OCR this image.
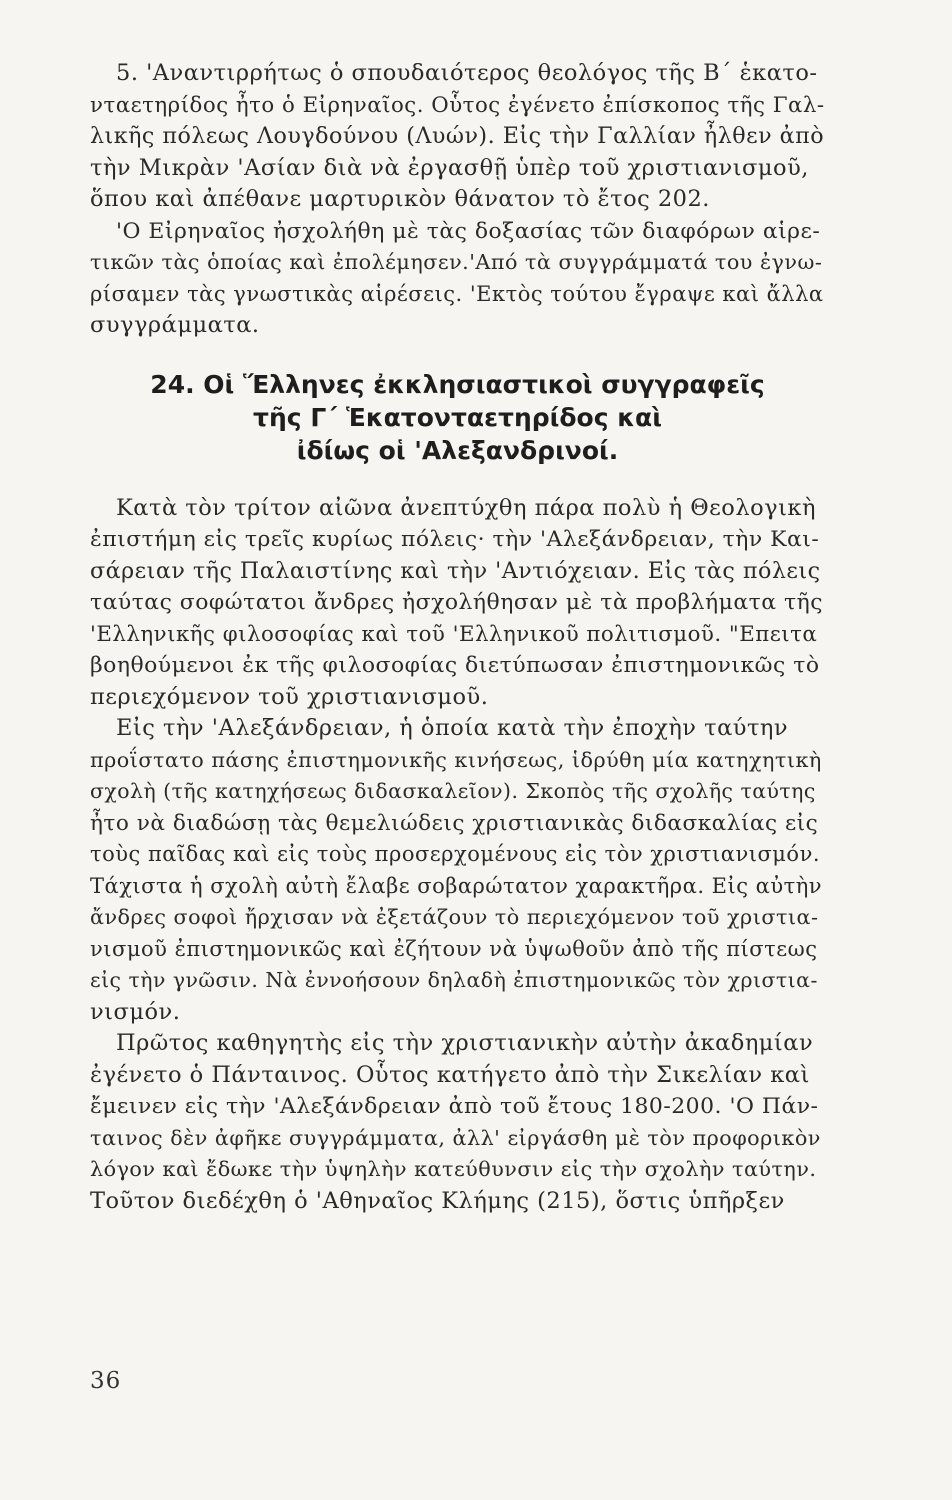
5. 'Αναντιρρήτως ὁ σπουδαιότερος θεολόγος τῆς Β΄ ἑκατο-
νταετηρίδος ἦτο ὁ Εἰρηναῖος. Οὗτος ἐγένετο ἐπίσκοπος τῆς Γαλ-
λικῆς πόλεως Λουγδούνου (Λυών). Εἰς τὴν Γαλλίαν ἦλθεν ἀπὸ
τὴν Μικρὰν 'Ασίαν διὰ νὰ ἐργασθῇ ὑπὲρ τοῦ χριστιανισμοῦ,
ὅπου καὶ ἀπέθανε μαρτυρικὸν θάνατον τὸ ἔτος 202.

'Ο Εἰρηναῖος ἠσχολήθη μὲ τὰς δοξασίας τῶν διαφόρων αἱρε-
τικῶν τὰς ὁποίας καὶ ἐπολέμησεν.'Από τὰ συγγράμματά του ἐγνω-
ρίσαμεν τὰς γνωστικὰς αἱρέσεις. 'Εκτὸς τούτου ἔγραψε καὶ ἄλλα
συγγράμματα.

24. Οἱ Ἕλληνες ἐκκλησιαστικοὶ συγγραφεῖς
τῆς Γ΄ Ἑκατονταετηρίδος καὶ
ἰδίως οἱ 'Αλεξανδρινοί.

Κατὰ τὸν τρίτον αἰῶνα ἀνεπτύχθη πάρα πολὺ ἡ Θεολογικὴ
ἐπιστήμη εἰς τρεῖς κυρίως πόλεις· τὴν 'Αλεξάνδρειαν, τὴν Και-
σάρειαν τῆς Παλαιστίνης καὶ τὴν 'Αντιόχειαν. Εἰς τὰς πόλεις
ταύτας σοφώτατοι ἄνδρες ἠσχολήθησαν μὲ τὰ προβλήματα τῆς
'Ελληνικῆς φιλοσοφίας καὶ τοῦ 'Ελληνικοῦ πολιτισμοῦ. "Επειτα
βοηθούμενοι ἐκ τῆς φιλοσοφίας διετύπωσαν ἐπιστημονικῶς τὸ
περιεχόμενον τοῦ χριστιανισμοῦ.

Εἰς τὴν 'Αλεξάνδρειαν, ἡ ὁποία κατὰ τὴν ἐποχὴν ταύτην
προΐστατο πάσης ἐπιστημονικῆς κινήσεως, ἱδρύθη μία κατηχητικὴ
σχολὴ (τῆς κατηχήσεως διδασκαλεῖον). Σκοπὸς τῆς σχολῆς ταύτης
ἦτο νὰ διαδώσῃ τὰς θεμελιώδεις χριστιανικὰς διδασκαλίας εἰς
τοὺς παῖδας καὶ εἰς τοὺς προσερχομένους εἰς τὸν χριστιανισμόν.
Τάχιστα ἡ σχολὴ αὐτὴ ἔλαβε σοβαρώτατον χαρακτῆρα. Εἰς αὐτὴν
ἄνδρες σοφοὶ ἤρχισαν νὰ ἐξετάζουν τὸ περιεχόμενον τοῦ χριστια-
νισμοῦ ἐπιστημονικῶς καὶ ἐζήτουν νὰ ὑψωθοῦν ἀπὸ τῆς πίστεως
εἰς τὴν γνῶσιν. Νὰ ἐννοήσουν δηλαδὴ ἐπιστημονικῶς τὸν χριστια-
νισμόν.

Πρῶτος καθηγητὴς εἰς τὴν χριστιανικὴν αὐτὴν ἀκαδημίαν
ἐγένετο ὁ Πάνταινος. Οὗτος κατήγετο ἀπὸ τὴν Σικελίαν καὶ
ἔμεινεν εἰς τὴν 'Αλεξάνδρειαν ἀπὸ τοῦ ἔτους 180-200. 'Ο Πάν-
ταινος δὲν ἀφῆκε συγγράμματα, ἀλλ' εἰργάσθη μὲ τὸν προφορικὸν
λόγον καὶ ἔδωκε τὴν ὑψηλὴν κατεύθυνσιν εἰς τὴν σχολὴν ταύτην.
Τοῦτον διεδέχθη ὁ 'Αθηναῖος Κλήμης (215), ὅστις ὑπῆρξεν

36
